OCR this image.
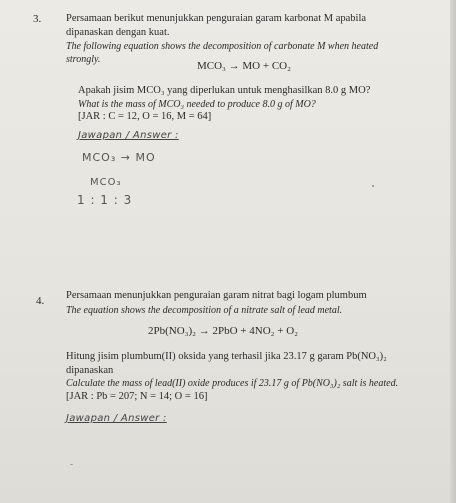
3. Persamaan berikut menunjukkan penguraian garam karbonat M apabila
dipanaskan dengan kuat.
The following equation shows the decomposition of carbonate M when heated
strongly.
MCO₃ → MO + CO₂
Apakah jisim MCO₃ yang diperlukan untuk menghasilkan 8.0 g MO?
What is the mass of MCO₃ needed to produce 8.0 g of MO?
[JAR : C = 12, O = 16, M = 64]
Jawapan / Answer :
MCO₃ → MO
MCO₃
1 : 1 : 3
4. Persamaan menunjukkan penguraian garam nitrat bagi logam plumbum
The equation shows the decomposition of a nitrate salt of lead metal.
2Pb(NO₃)₂ → 2PbO + 4NO₂ + O₂
Hitung jisim plumbum(II) oksida yang terhasil jika 23.17 g garam Pb(NO₃)₂
dipanaskan
Calculate the mass of lead(II) oxide produces if 23.17 g of Pb(NO₃)₂ salt is heated.
[JAR : Pb = 207; N = 14; O = 16]
Jawapan / Answer :
